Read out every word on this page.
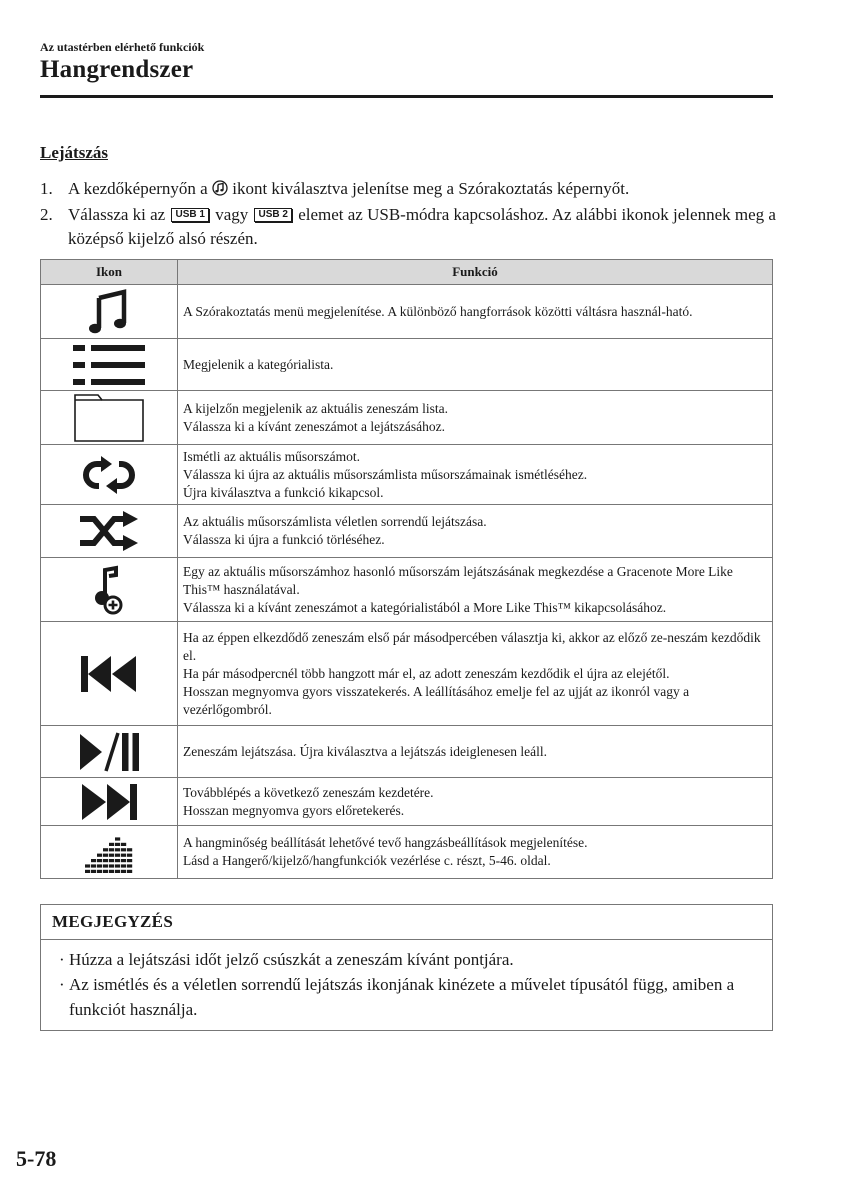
Az utastérben elérhető funkciók
Hangrendszer
Lejátszás
1. A kezdőképernyőn a ikont kiválasztva jelenítse meg a Szórakoztatás képernyőt.
2. Válassza ki az USB 1 vagy USB 2 elemet az USB-módra kapcsoláshoz. Az alábbi ikonok jelennek meg a középső kijelző alsó részén.
Ikon	Funkció

A Szórakoztatás menü megjelenítése. A különböző hangforrások közötti váltásra használ-ható.

Megjelenik a kategórialista.

A kijelzőn megjelenik az aktuális zeneszám lista.
Válassza ki a kívánt zeneszámot a lejátszásához.

Ismétli az aktuális műsorszámot.
Válassza ki újra az aktuális műsorszámlista műsorszámainak ismétléséhez.
Újra kiválasztva a funkció kikapcsol.

Az aktuális műsorszámlista véletlen sorrendű lejátszása.
Válassza ki újra a funkció törléséhez.

Egy az aktuális műsorszámhoz hasonló műsorszám lejátszásának megkezdése a Gracenote More Like This™ használatával.
Válassza ki a kívánt zeneszámot a kategórialistából a More Like This™ kikapcsolásához.

Ha az éppen elkezdődő zeneszám első pár másodpercében választja ki, akkor az előző ze-neszám kezdődik el.
Ha pár másodpercnél több hangzott már el, az adott zeneszám kezdődik el újra az elejétől.
Hosszan megnyomva gyors visszatekerés. A leállításához emelje fel az ujját az ikonról vagy a vezérlőgombról.

Zeneszám lejátszása. Újra kiválasztva a lejátszás ideiglenesen leáll.

Továbblépés a következő zeneszám kezdetére.
Hosszan megnyomva gyors előretekerés.

A hangminőség beállítását lehetővé tevő hangzásbeállítások megjelenítése.
Lásd a Hangerő/kijelző/hangfunkciók vezérlése c. részt, 5-46. oldal.
MEGJEGYZÉS
· Húzza a lejátszási időt jelző csúszkát a zeneszám kívánt pontjára.
· Az ismétlés és a véletlen sorrendű lejátszás ikonjának kinézete a művelet típusától függ, amiben a funkciót használja.
5-78
